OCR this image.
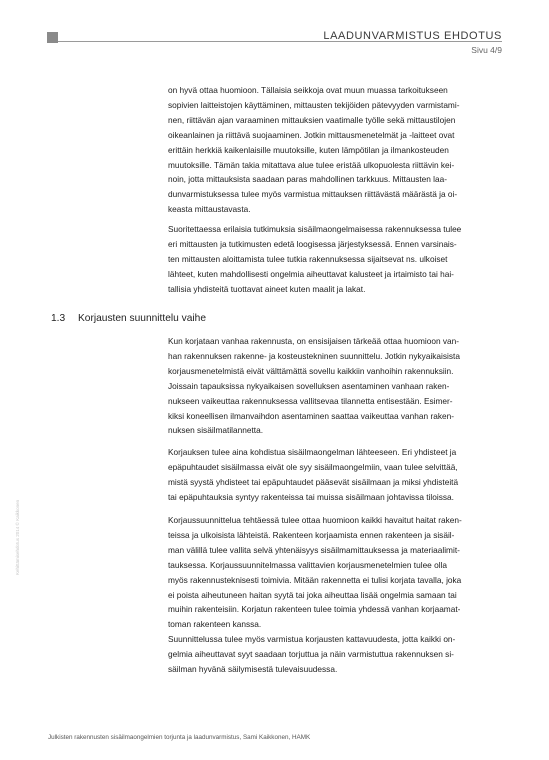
LAADUNVARMISTUS EHDOTUS
Sivu 4/9
on hyvä ottaa huomioon. Tällaisia seikkoja ovat muun muassa tarkoitukseen
sopivien laitteistojen käyttäminen, mittausten tekijöiden pätevyyden varmistami-
nen, riittävän ajan varaaminen mittauksien vaatimalle työlle sekä mittaustilojen
oikeanlainen ja riittävä suojaaminen. Jotkin mittausmenetelmät ja -laitteet ovat
erittäin herkkiä kaikenlaisille muutoksille, kuten lämpötilan ja ilmankosteuden
muutoksille. Tämän takia mitattava alue tulee eristää ulkopuolesta riittävin kei-
noin, jotta mittauksista saadaan paras mahdollinen tarkkuus. Mittausten laa-
dunvarmistuksessa tulee myös varmistua mittauksen riittävästä määrästä ja oi-
keasta mittaustavasta.
Suoritettaessa erilaisia tutkimuksia sisäilmaongelmaisessa rakennuksessa tulee
eri mittausten ja tutkimusten edetä loogisessa järjestyksessä. Ennen varsinais-
ten mittausten aloittamista tulee tutkia rakennuksessa sijaitsevat ns. ulkoiset
lähteet, kuten mahdollisesti ongelmia aiheuttavat kalusteet ja irtaimisto tai hai-
tallisia yhdisteitä tuottavat aineet kuten maalit ja lakat.
1.3 Korjausten suunnittelu vaihe
Kun korjataan vanhaa rakennusta, on ensisijaisen tärkeää ottaa huomioon van-
han rakennuksen rakenne- ja kosteustekninen suunnittelu. Jotkin nykyaikaisista
korjausmenetelmistä eivät välttämättä sovellu kaikkiin vanhoihin rakennuksiin.
Joissain tapauksissa nykyaikaisen sovelluksen asentaminen vanhaan raken-
nukseen vaikeuttaa rakennuksessa vallitsevaa tilannetta entisestään. Esimer-
kiksi koneellisen ilmanvaihdon asentaminen saattaa vaikeuttaa vanhan raken-
nuksen sisäilmatilannetta.
Korjauksen tulee aina kohdistua sisäilmaongelman lähteeseen. Eri yhdisteet ja
epäpuhtaudet sisäilmassa eivät ole syy sisäilmaongelmiin, vaan tulee selvittää,
mistä syystä yhdisteet tai epäpuhtaudet pääsevät sisäilmaan ja miksi yhdisteitä
tai epäpuhtauksia syntyy rakenteissa tai muissa sisäilmaan johtavissa tiloissa.
Korjaussuunnittelua tehtäessä tulee ottaa huomioon kaikki havaitut haitat raken-
teissa ja ulkoisista lähteistä. Rakenteen korjaamista ennen rakenteen ja sisäil-
man välillä tulee vallita selvä yhtenäisyys sisäilmamittauksessa ja materiaalimit-
tauksessa. Korjaussuunnitelmassa valittavien korjausmenetelmien tulee olla
myös rakennusteknisesti toimivia. Mitään rakennetta ei tulisi korjata tavalla, joka
ei poista aiheutuneen haitan syytä tai joka aiheuttaa lisää ongelmia samaan tai
muihin rakenteisiin. Korjatun rakenteen tulee toimia yhdessä vanhan korjaamat-
toman rakenteen kanssa.
Suunnittelussa tulee myös varmistua korjausten kattavuudesta, jotta kaikki on-
gelmia aiheuttavat syyt saadaan torjuttua ja näin varmistuttua rakennuksen si-
säilman hyvänä säilymisestä tulevaisuudessa.
Kehittämisehdotus 2014 © Kaikkonen
Julkisten rakennusten sisäilmaongelmien torjunta ja laadunvarmistus, Sami Kaikkonen, HAMK
